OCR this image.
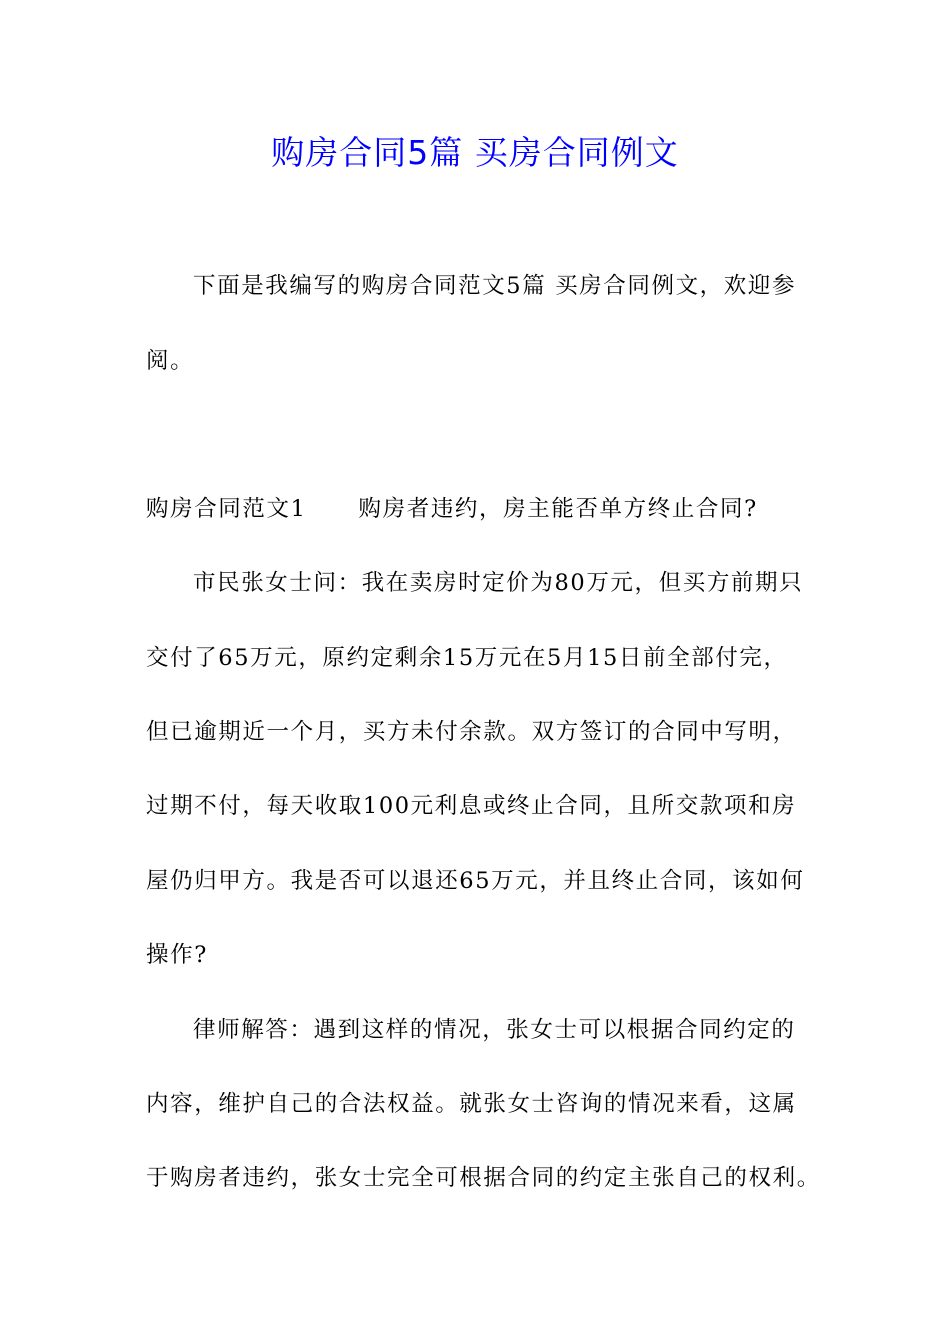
购房合同5篇 买房合同例文
下面是我编写的购房合同范文5篇 买房合同例文，欢迎参
阅。
购房合同范文1 购房者违约，房主能否单方终止合同?
市民张女士问：我在卖房时定价为80万元，但买方前期只
交付了65万元，原约定剩余15万元在5月15日前全部付完，
但已逾期近一个月，买方未付余款。双方签订的合同中写明，
过期不付，每天收取100元利息或终止合同，且所交款项和房
屋仍归甲方。我是否可以退还65万元，并且终止合同，该如何
操作?
律师解答：遇到这样的情况，张女士可以根据合同约定的
内容，维护自己的合法权益。就张女士咨询的情况来看，这属
于购房者违约，张女士完全可根据合同的约定主张自己的权利。
